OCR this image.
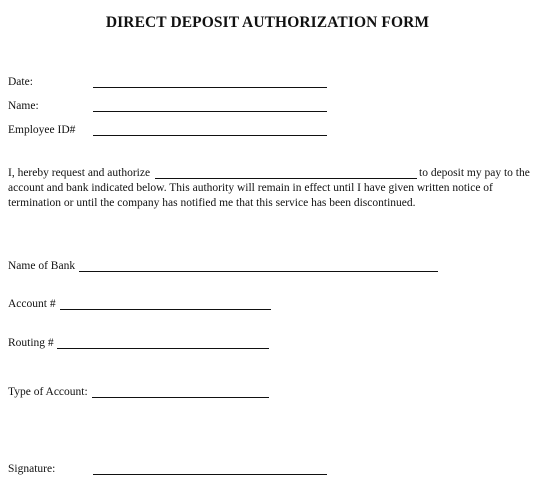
DIRECT DEPOSIT AUTHORIZATION FORM
Date:
Name:
Employee ID#
I, hereby request and authorize	to deposit my pay to the
account and bank indicated below. This authority will remain in effect until I have given written notice of
termination or until the company has notified me that this service has been discontinued.
Name of Bank
Account #
Routing #
Type of Account:
Signature:
